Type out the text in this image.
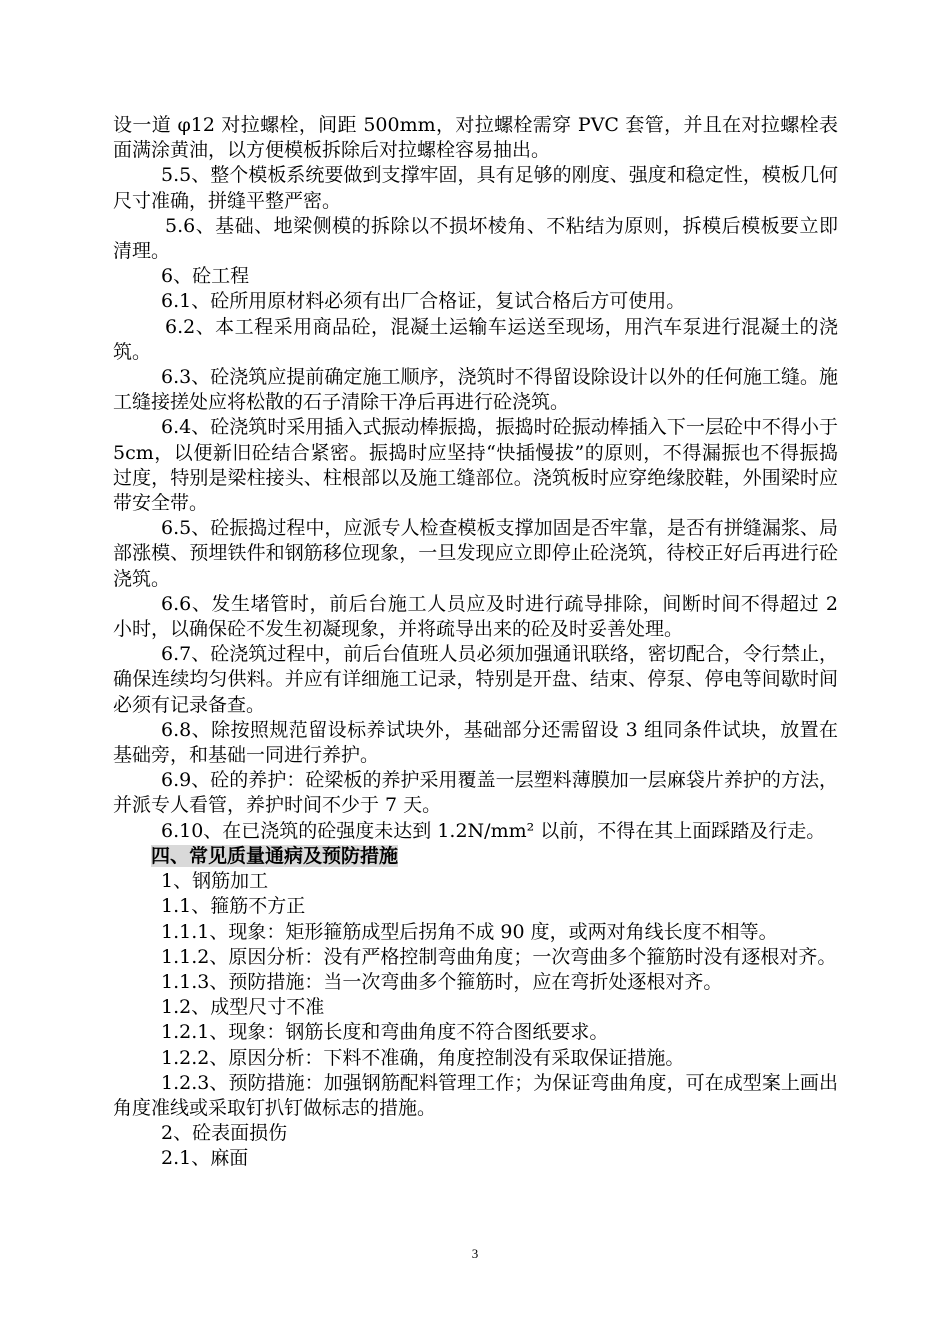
设一道 φ12 对拉螺栓，间距 500mm，对拉螺栓需穿 PVC 套管，并且在对拉螺栓表面满涂黄油，以方便模板拆除后对拉螺栓容易抽出。

5.5、整个模板系统要做到支撑牢固，具有足够的刚度、强度和稳定性，模板几何尺寸准确，拼缝平整严密。

5.6、基础、地梁侧模的拆除以不损坏棱角、不粘结为原则，拆模后模板要立即清理。

6、砼工程

6.1、砼所用原材料必须有出厂合格证，复试合格后方可使用。

6.2、本工程采用商品砼，混凝土运输车运送至现场，用汽车泵进行混凝土的浇筑。

6.3、砼浇筑应提前确定施工顺序，浇筑时不得留设除设计以外的任何施工缝。施工缝接搓处应将松散的石子清除干净后再进行砼浇筑。

6.4、砼浇筑时采用插入式振动棒振捣，振捣时砼振动棒插入下一层砼中不得小于 5cm，以便新旧砼结合紧密。振捣时应坚持“快插慢拔”的原则，不得漏振也不得振捣过度，特别是梁柱接头、柱根部以及施工缝部位。浇筑板时应穿绝缘胶鞋，外围梁时应带安全带。

6.5、砼振捣过程中，应派专人检查模板支撑加固是否牢靠，是否有拼缝漏浆、局部涨模、预埋铁件和钢筋移位现象，一旦发现应立即停止砼浇筑，待校正好后再进行砼浇筑。

6.6、发生堵管时，前后台施工人员应及时进行疏导排除，间断时间不得超过 2 小时，以确保砼不发生初凝现象，并将疏导出来的砼及时妥善处理。

6.7、砼浇筑过程中，前后台值班人员必须加强通讯联络，密切配合，令行禁止，确保连续均匀供料。并应有详细施工记录，特别是开盘、结束、停泵、停电等间歇时间必须有记录备查。

6.8、除按照规范留设标养试块外，基础部分还需留设 3 组同条件试块，放置在基础旁，和基础一同进行养护。

6.9、砼的养护：砼梁板的养护采用覆盖一层塑料薄膜加一层麻袋片养护的方法，并派专人看管，养护时间不少于 7 天。

6.10、在已浇筑的砼强度未达到 1.2N/mm² 以前，不得在其上面踩踏及行走。

四、常见质量通病及预防措施

1、钢筋加工

1.1、箍筋不方正

1.1.1、现象：矩形箍筋成型后拐角不成 90 度，或两对角线长度不相等。

1.1.2、原因分析：没有严格控制弯曲角度；一次弯曲多个箍筋时没有逐根对齐。

1.1.3、预防措施：当一次弯曲多个箍筋时，应在弯折处逐根对齐。

1.2、成型尺寸不准

1.2.1、现象：钢筋长度和弯曲角度不符合图纸要求。

1.2.2、原因分析：下料不准确，角度控制没有采取保证措施。

1.2.3、预防措施：加强钢筋配料管理工作；为保证弯曲角度，可在成型案上画出角度准线或采取钉扒钉做标志的措施。

2、砼表面损伤

2.1、麻面

3
